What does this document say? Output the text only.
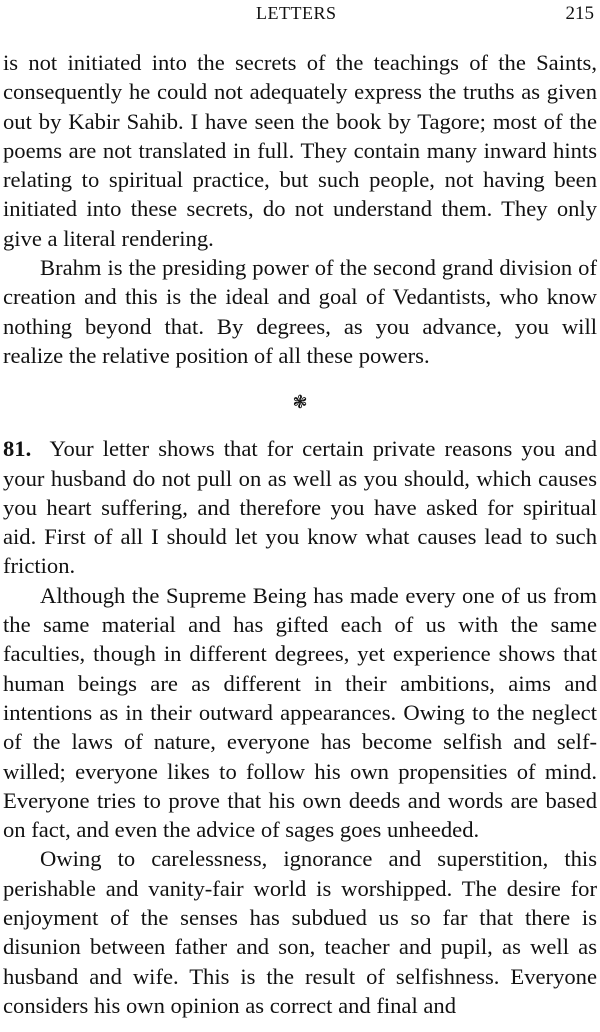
LETTERS	215

is not initiated into the secrets of the teachings of the Saints, consequently he could not adequately express the truths as given out by Kabir Sahib. I have seen the book by Tagore; most of the poems are not translated in full. They contain many inward hints relating to spiritual practice, but such people, not having been initiated into these secrets, do not understand them. They only give a literal rendering.

Brahm is the presiding power of the second grand division of creation and this is the ideal and goal of Vedantists, who know nothing beyond that. By degrees, as you advance, you will realize the relative position of all these powers.

❃

81. Your letter shows that for certain private reasons you and your husband do not pull on as well as you should, which causes you heart suffering, and therefore you have asked for spiritual aid. First of all I should let you know what causes lead to such friction.

Although the Supreme Being has made every one of us from the same material and has gifted each of us with the same faculties, though in different degrees, yet experience shows that human beings are as different in their ambitions, aims and intentions as in their outward appearances. Owing to the neglect of the laws of nature, everyone has become selfish and self-willed; everyone likes to follow his own propensities of mind. Everyone tries to prove that his own deeds and words are based on fact, and even the advice of sages goes unheeded.

Owing to carelessness, ignorance and superstition, this perishable and vanity-fair world is worshipped. The desire for enjoyment of the senses has subdued us so far that there is disunion between father and son, teacher and pupil, as well as husband and wife. This is the result of selfishness. Everyone considers his own opinion as correct and final and
